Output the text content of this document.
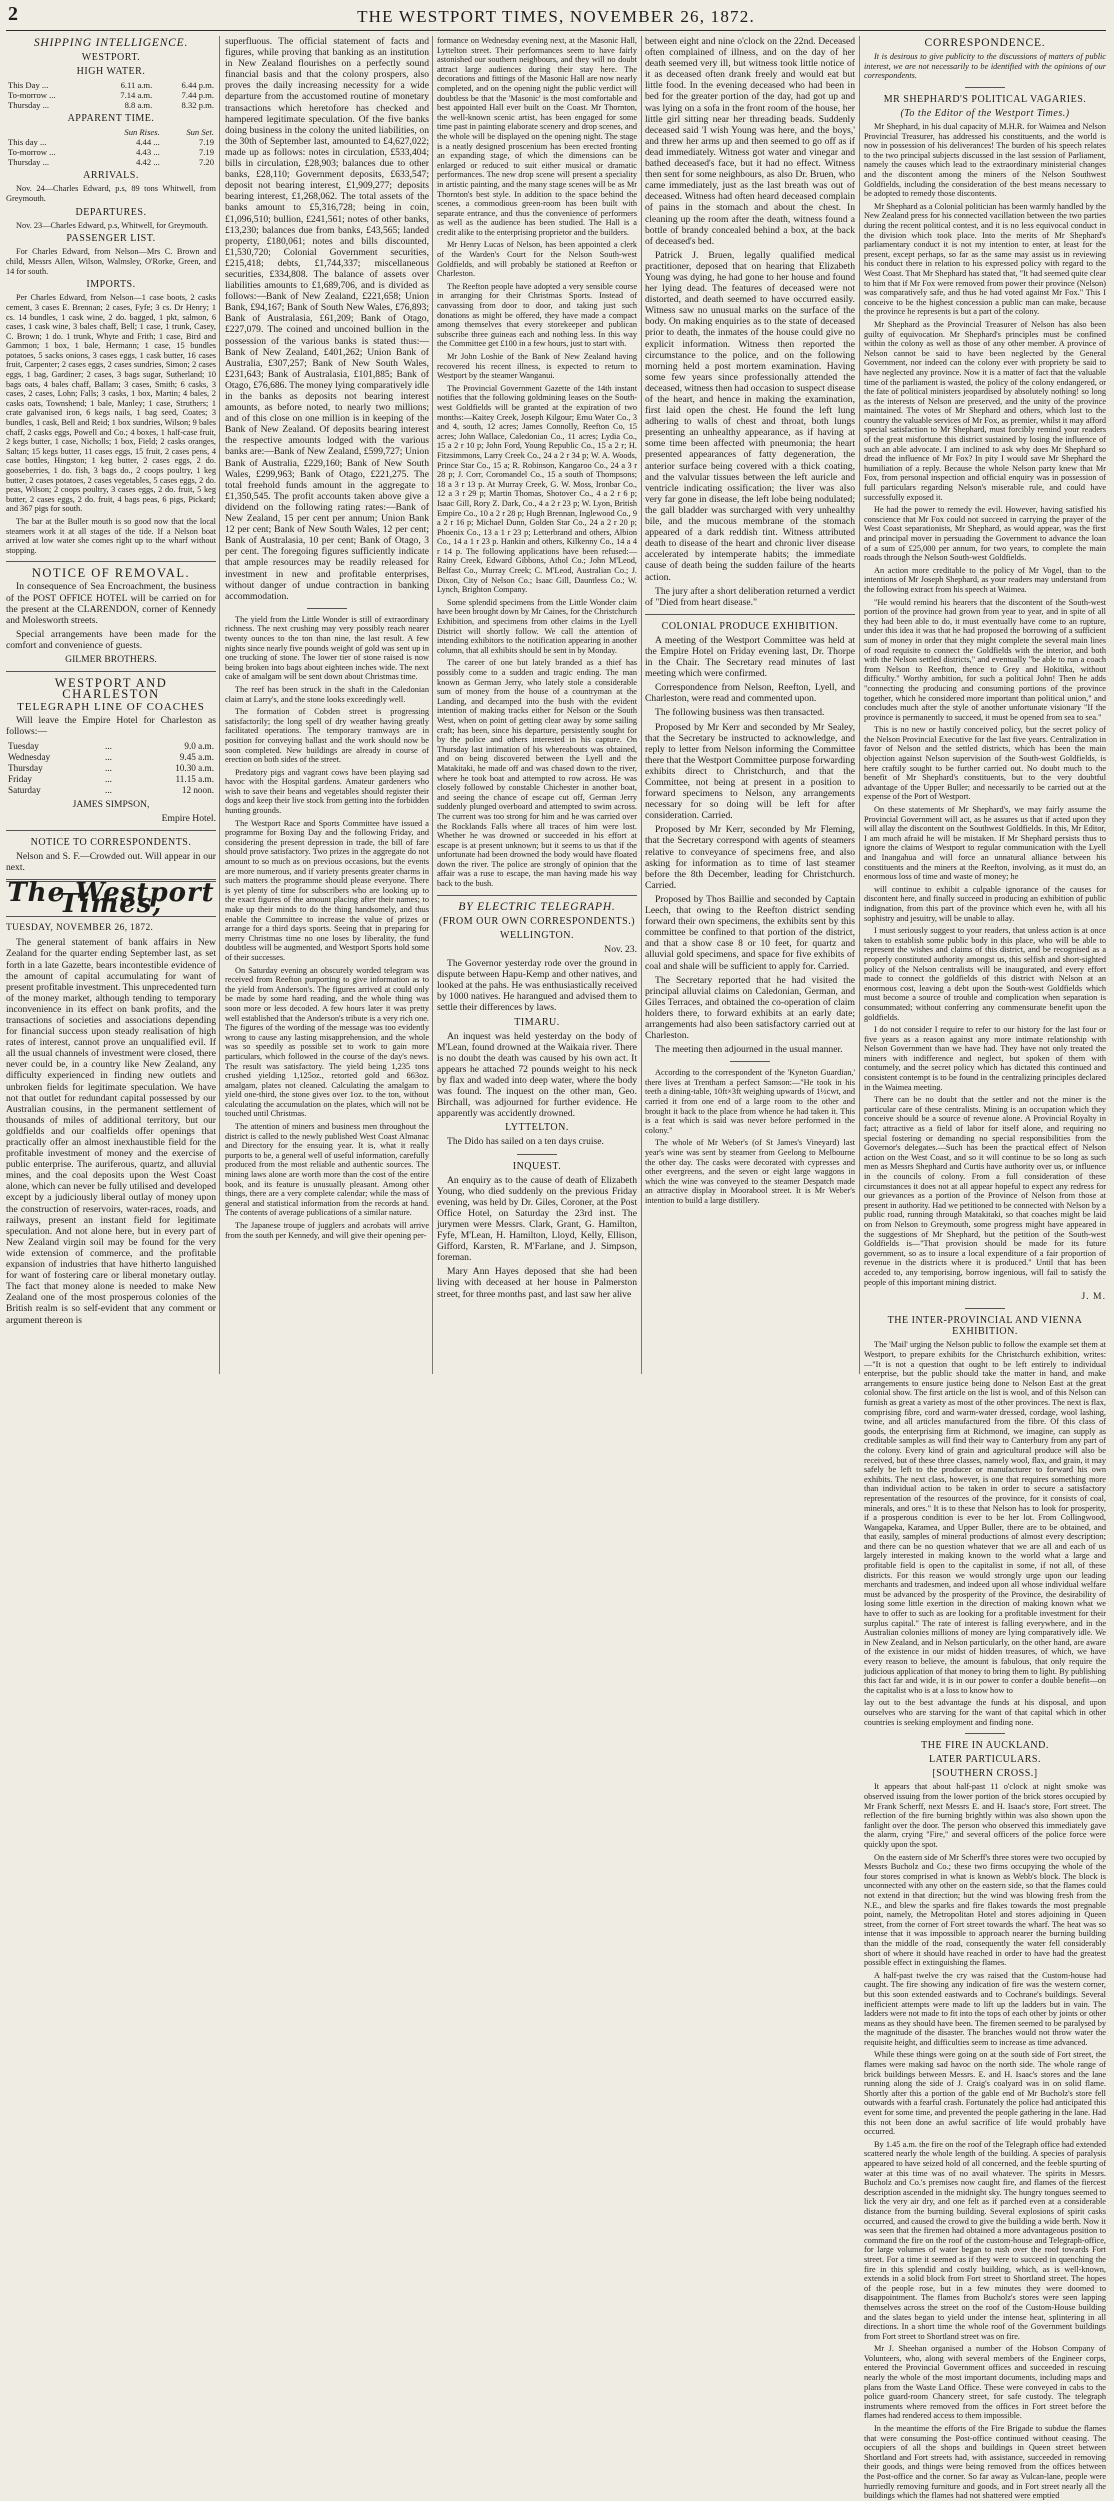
2	THE WESTPORT TIMES, NOVEMBER 26, 1872.
SHIPPING INTELLIGENCE.
WESTPORT.
HIGH WATER.
This Day ...	6.11 a.m.	6.44 p.m.
To-morrow ...	7.14 a.m.	7.44 p.m.
Thursday ...	8.8 a.m.	8.32 p.m.
APPARENT TIME.
	Sun Rises.	Sun Set.
This day ...	4.44 ...	7.19
To-morrow ...	4.43 ...	7.19
Thursday ...	4.42 ...	7.20
ARRIVALS.

Nov. 24—Charles Edward, p.s, 89 tons Whitwell, from Greymouth.

DEPARTURES.

Nov. 23—Charles Edward, p.s, Whitwell, for Greymouth.

PASSENGER LIST.

For Charles Edward, from Nelson—Mrs C. Brown and child, Messrs Allen, Wilson, Walmsley, O'Rorke, Green, and 14 for south.

IMPORTS.

Per Charles Edward, from Nelson—1 case boots, 2 casks cement, 3 cases E. Brennan; 2 cases, Fyfe; 3 cs. Dr Henry; 1 cs. 14 bundles, 1 cask wine, 2 do. bagged, 1 pkt, salmon, 6 cases, 1 cask wine, 3 bales chaff, Bell; 1 case, 1 trunk, Casey, C. Brown; 1 do. 1 trunk, Whyte and Frith; 1 case, Bird and Gammon; 1 box, 1 bale, Hermann; 1 case, 15 bundles potatoes, 5 sacks onions, 3 cases eggs, 1 cask butter, 16 cases fruit, Carpenter; 2 cases eggs, 2 cases sundries, Simon; 2 cases eggs, 1 bag, Gardiner; 2 cases, 3 bags sugar, Sutherland; 10 bags oats, 4 bales chaff, Ballam; 3 cases, Smith; 6 casks, 3 cases, 2 cases, Lohn; Falls; 3 casks, 1 box, Martin; 4 bales, 2 casks oats, Townshend; 1 bale, Manley; 1 case, Struthers; 1 crate galvanised iron, 6 kegs nails, 1 bag seed, Coates; 3 bundles, 1 cask, Bell and Reid; 1 box sundries, Wilson; 9 bales chaff, 2 casks eggs, Powell and Co.; 4 boxes, 1 half-case fruit, 2 kegs butter, 1 case, Nicholls; 1 box, Field; 2 casks oranges, Saltan; 15 kegs butter, 11 cases eggs, 15 fruit, 2 cases pens, 4 case bottles, Hingston; 1 keg butter, 2 cases eggs, 2 do. gooseberries, 1 do. fish, 3 bags do., 2 coops poultry, 1 keg butter, 2 cases potatoes, 2 cases vegetables, 5 cases eggs, 2 do. peas, Wilson; 2 coops poultry, 3 cases eggs, 2 do. fruit, 5 keg butter, 2 cases eggs, 2 do. fruit, 4 bags peas, 6 pigs, Pickard; and 367 pigs for south.

The bar at the Buller mouth is so good now that the local steamers work it at all stages of the tide. If a Nelson boat arrived at low water she comes right up to the wharf without stopping.

NOTICE OF REMOVAL.

In consequence of Sea Encroachment, the business of the POST OFFICE HOTEL will be carried on for the present at the CLARENDON, corner of Kennedy and Molesworth streets.

Special arrangements have been made for the comfort and convenience of guests.

GILMER BROTHERS.

WESTPORT AND CHARLESTON
TELEGRAPH LINE OF COACHES

Will leave the Empire Hotel for Charleston as follows:—

Tuesday	...	9.0 a.m.
Wednesday	...	9.45 a.m.
Thursday	...	10.30 a.m.
Friday	...	11.15 a.m.
Saturday	...	12 noon.

JAMES SIMPSON,

Empire Hotel.

NOTICE TO CORRESPONDENTS.

Nelson and S. F.—Crowded out. Will appear in our next.

The Westport Times,
TUESDAY, NOVEMBER 26, 1872.

The general statement of bank affairs in New Zealand for the quarter ending September last, as set forth in a late Gazette, bears incontestible evidence of the amount of capital accumulating for want of present profitable investment. This unprecedented turn of the money market, although tending to temporary inconvenience in its effect on bank profits, and the transactions of societies and associations depending for financial success upon steady realisation of high rates of interest, cannot prove an unqualified evil. If all the usual channels of investment were closed, there never could be, in a country like New Zealand, any difficulty experienced in finding new outlets and unbroken fields for legitimate speculation. We have not that outlet for redundant capital possessed by our Australian cousins, in the permanent settlement of thousands of miles of additional territory, but our goldfields and our coalfields offer openings that practically offer an almost inexhaustible field for the profitable investment of money and the exercise of public enterprise. The auriferous, quartz, and alluvial mines, and the coal deposits upon the West Coast alone, which can never be fully utilised and developed except by a judiciously liberal outlay of money upon the construction of reservoirs, water-races, roads, and railways, present an instant field for legitimate speculation. And not alone here, but in every part of New Zealand virgin soil may be found for the very wide extension of commerce, and the profitable expansion of industries that have hitherto languished for want of fostering care or liberal monetary outlay. The fact that money alone is needed to make New Zealand one of the most prosperous colonies of the British realm is so self-evident that any comment or argument thereon is

superfluous. The official statement of facts and figures, while proving that banking as an institution in New Zealand flourishes on a perfectly sound financial basis and that the colony prospers, also proves the daily increasing necessity for a wide departure from the accustomed routine of monetary transactions which heretofore has checked and hampered legitimate speculation. Of the five banks doing business in the colony the united liabilities, on the 30th of September last, amounted to £4,627,022; made up as follows: notes in circulation, £533,404; bills in circulation, £28,903; balances due to other banks, £28,110; Government deposits, £633,547; deposit not bearing interest, £1,909,277; deposits bearing interest, £1,268,062. The total assets of the banks amount to £5,316,728; being in coin, £1,096,510; bullion, £241,561; notes of other banks, £13,230; balances due from banks, £43,565; landed property, £180,061; notes and bills discounted, £1,530,720; Colonial Government securities, £215,418; debts, £1,744,337; miscellaneous securities, £334,808. The balance of assets over liabilities amounts to £1,689,706, and is divided as follows:—Bank of New Zealand, £221,658; Union Bank, £94,167; Bank of South New Wales, £76,893; Bank of Australasia, £61,209; Bank of Otago, £227,079. The coined and uncoined bullion in the possession of the various banks is stated thus:—Bank of New Zealand, £401,262; Union Bank of Australia, £307,257; Bank of New South Wales, £231,643; Bank of Australasia, £101,885; Bank of Otago, £76,686. The money lying comparatively idle in the banks as deposits not bearing interest amounts, as before noted, to nearly two millions; and of this close on one million is in keeping of the Bank of New Zealand. Of deposits bearing interest the respective amounts lodged with the various banks are:—Bank of New Zealand, £599,727; Union Bank of Australia, £229,160; Bank of New South Wales, £299,963; Bank of Otago, £221,275. The total freehold funds amount in the aggregate to £1,350,545. The profit accounts taken above give a dividend on the following rating rates:—Bank of New Zealand, 15 per cent per annum; Union Bank 12 per cent; Bank of New South Wales, 12 per cent; Bank of Australasia, 10 per cent; Bank of Otago, 3 per cent. The foregoing figures sufficiently indicate that ample resources may be readily released for investment in new and profitable enterprises, without danger of undue contraction in banking accommodation.

The yield from the Little Wonder is still of extraordinary richness. The next crushing may very possibly reach nearer twenty ounces to the ton than nine, the last result. A few nights since nearly five pounds weight of gold was sent up in one trucking of stone. The lower tier of stone raised is now being broken into bags about eighteen inches wide. The next cake of amalgam will be sent down about Christmas time.

The reef has been struck in the shaft in the Caledonian claim at Larry's, and the stone looks exceedingly well.

The formation of Cobden street is progressing satisfactorily; the long spell of dry weather having greatly facilitated operations. The temporary tramways are in position for conveying ballast and the work should now be soon completed. New buildings are already in course of erection on both sides of the street.

Predatory pigs and vagrant cows have been playing sad havoc with the Hospital gardens. Amateur gardeners who wish to save their beans and vegetables should register their dogs and keep their live stock from getting into the forbidden hunting grounds.

The Westport Race and Sports Committee have issued a programme for Boxing Day and the following Friday, and considering the present depression in trade, the bill of fare should prove satisfactory. Two prizes in the aggregate do not amount to so much as on previous occasions, but the events are more numerous, and if variety presents greater charms in such matters the programme should please everyone. There is yet plenty of time for subscribers who are looking up to the exact figures of the amount placing after their names; to make up their minds to do the thing handsomely, and thus enable the Committee to increase the value of prizes or arrange for a third days sports. Seeing that in preparing for merry Christmas time no one loses by liberality, the fund doubtless will be augmented, and Westport Sports hold some of their successes.

On Saturday evening an obscurely worded telegram was received from Reefton purporting to give information as to the yield from Anderson's. The figures arrived at could only be made by some hard reading, and the whole thing was soon more or less decoded. A few hours later it was pretty well established that the Anderson's tribute is a very rich one. The figures of the wording of the message was too evidently wrong to cause any lasting misapprehension, and the whole was so speedily as possible set to work to gain more particulars, which followed in the course of the day's news. The result was satisfactory. The yield being 1,235 tons crushed yielding 1,125oz., retorted gold and 663oz. amalgam, plates not cleaned. Calculating the amalgam to yield one-third, the stone gives over 1oz. to the ton, without calculating the accumulation on the plates, which will not be touched until Christmas.

The attention of miners and business men throughout the district is called to the newly published West Coast Almanac and Directory for the ensuing year. It is, what it really purports to be, a general well of useful information, carefully produced from the most reliable and authentic sources. The mining laws alone are worth more than the cost of the entire book, and its feature is unusually pleasant. Among other things, there are a very complete calendar; while the mass of general and statistical information from the records at hand. The contents of average publications of a similar nature.

The Japanese troupe of jugglers and acrobats will arrive from the south per Kennedy, and will give their opening per-

formance on Wednesday evening next, at the Masonic Hall, Lyttelton street. Their performances seem to have fairly astonished our southern neighbours, and they will no doubt attract large audiences during their stay here. The decorations and fittings of the Masonic Hall are now nearly completed, and on the opening night the public verdict will doubtless be that the 'Masonic' is the most comfortable and best appointed Hall ever built on the Coast. Mr Thornton, the well-known scenic artist, has been engaged for some time past in painting elaborate scenery and drop scenes, and the whole will be displayed on the opening night. The stage is a neatly designed proscenium has been erected fronting an expanding stage, of which the dimensions can be enlarged or reduced to suit either musical or dramatic performances. The new drop scene will present a speciality in artistic painting, and the many stage scenes will be as Mr Thornton's best style. In addition to the space behind the scenes, a commodious green-room has been built with separate entrance, and thus the convenience of performers as well as the audience has been studied. The Hall is a credit alike to the enterprising proprietor and the builders.

Mr Henry Lucas of Nelson, has been appointed a clerk of the Warden's Court for the Nelson South-west Goldfields, and will probably be stationed at Reefton or Charleston.

The Reefton people have adopted a very sensible course in arranging for their Christmas Sports. Instead of canvassing from door to door, and taking just such donations as might be offered, they have made a compact among themselves that every storekeeper and publican subscribe three guineas each and nothing less. In this way the Committee get £100 in a few hours, just to start with.

Mr John Loshie of the Bank of New Zealand having recovered his recent illness, is expected to return to Westport by the steamer Wanganui.

The Provincial Government Gazette of the 14th instant notifies that the following goldmining leases on the South-west Goldfields will be granted at the expiration of two months:—Kaitey Creek, Joseph Kilgour; Emu Water Co., 3 and 4, south, 12 acres; James Connolly, Reefton Co, 15 acres; John Wallace, Caledonian Co., 11 acres; Lydia Co., 15 a 2 r 10 p; John Ford, Young Republic Co., 15 a 2 r; H. Fitzsimmons, Larry Creek Co., 24 a 2 r 34 p; W. A. Woods, Prince Star Co., 15 a; R. Robinson, Kangaroo Co., 24 a 3 r 28 p; J. Corr, Coromandel Co., 15 a south of Thompsons; 18 a 3 r 13 p. At Murray Creek, G. W. Moss, Ironbar Co., 12 a 3 r 29 p; Martin Thomas, Shotover Co., 4 a 2 r 6 p; Isaac Gill, Rory Z. Dark, Co., 4 a 2 r 23 p; W. Lyon, British Empire Co., 10 a 2 r 28 p; Hugh Brennan, Inglewood Co., 9 a 2 r 16 p; Michael Dunn, Golden Star Co., 24 a 2 r 20 p; Phoenix Co., 13 a 1 r 23 p; Letterbrand and others, Albion Co., 14 a 1 r 23 p. Hankin and others, Kilkenny Co., 14 a 4 r 14 p. The following applications have been refused:—Rainy Creek, Edward Gibbons, Athol Co.; John M'Leod, Belfast Co., Murray Creek; C. M'Leod, Australian Co.; J. Dixon, City of Nelson Co.; Isaac Gill, Dauntless Co.; W. Lynch, Brighton Company.

Some splendid specimens from the Little Wonder claim have been brought down by Mr Caines, for the Christchurch Exhibition, and specimens from other claims in the Lyell District will shortly follow. We call the attention of intending exhibitors to the notification appearing in another column, that all exhibits should be sent in by Monday.

The career of one but lately branded as a thief has possibly come to a sudden and tragic ending. The man known as German Jerry, who lately stole a considerable sum of money from the house of a countryman at the Landing, and decamped into the bush with the evident intention of making tracks either for Nelson or the South West, when on point of getting clear away by some sailing craft; has been, since his departure, persistently sought for by the police and others interested in his capture. On Thursday last intimation of his whereabouts was obtained, and on being discovered between the Lyell and the Matakitaki, he made off and was chased down to the river, where he took boat and attempted to row across. He was closely followed by constable Chichester in another boat, and seeing the chance of escape cut off, German Jerry suddenly plunged overboard and attempted to swim across. The current was too strong for him and he was carried over the Rocklands Falls where all traces of him were lost. Whether he was drowned or succeeded in his effort at escape is at present unknown; but it seems to us that if the unfortunate had been drowned the body would have floated down the river. The police are strongly of opinion that the affair was a ruse to escape, the man having made his way back to the bush.

BY ELECTRIC TELEGRAPH.
(FROM OUR OWN CORRESPONDENTS.)
WELLINGTON.

Nov. 23.

The Governor yesterday rode over the ground in dispute between Hapu-Kemp and other natives, and looked at the pahs. He was enthusiastically received by 1000 natives. He harangued and advised them to settle their differences by laws.

TIMARU.

An inquest was held yesterday on the body of M'Lean, found drowned at the Waikaia river. There is no doubt the death was caused by his own act. It appears he attached 72 pounds weight to his neck by flax and waded into deep water, where the body was found. The inquest on the other man, Geo. Birchall, was adjourned for further evidence. He apparently was accidently drowned.

LYTTELTON.

The Dido has sailed on a ten days cruise.

INQUEST.

An enquiry as to the cause of death of Elizabeth Young, who died suddenly on the previous Friday evening, was held by Dr. Giles, Coroner, at the Post Office Hotel, on Saturday the 23rd inst. The jurymen were Messrs. Clark, Grant, G. Hamilton, Fyfe, M'Lean, H. Hamilton, Lloyd, Kelly, Ellison, Gifford, Karsten, R. M'Farlane, and J. Simpson, foreman.

Mary Ann Hayes deposed that she had been living with deceased at her house in Palmerston street, for three months past, and last saw her alive

between eight and nine o'clock on the 22nd. Deceased often complained of illness, and on the day of her death seemed very ill, but witness took little notice of it as deceased often drank freely and would eat but little food. In the evening deceased who had been in bed for the greater portion of the day, had got up and was lying on a sofa in the front room of the house, her little girl sitting near her threading beads. Suddenly deceased said 'I wish Young was here, and the boys,' and threw her arms up and then seemed to go off as if dead immediately. Witness got water and vinegar and bathed deceased's face, but it had no effect. Witness then sent for some neighbours, as also Dr. Bruen, who came immediately, just as the last breath was out of deceased. Witness had often heard deceased complain of pains in the stomach and about the chest. In cleaning up the room after the death, witness found a bottle of brandy concealed behind a box, at the back of deceased's bed.

Patrick J. Bruen, legally qualified medical practitioner, deposed that on hearing that Elizabeth Young was dying, he had gone to her house and found her lying dead. The features of deceased were not distorted, and death seemed to have occurred easily. Witness saw no unusual marks on the surface of the body. On making enquiries as to the state of deceased prior to death, the inmates of the house could give no explicit information. Witness then reported the circumstance to the police, and on the following morning held a post mortem examination. Having some few years since professionally attended the deceased, witness then had occasion to suspect disease of the heart, and hence in making the examination, first laid open the chest. He found the left lung adhering to walls of chest and throat, both lungs presenting an unhealthy appearance, as if having at some time been affected with pneumonia; the heart presented appearances of fatty degeneration, the anterior surface being covered with a thick coating, and the valvular tissues between the left auricle and ventricle indicating ossification; the liver was also very far gone in disease, the left lobe being nodulated; the gall bladder was surcharged with very unhealthy bile, and the mucous membrane of the stomach appeared of a dark reddish tint. Witness attributed death to disease of the heart and chronic liver disease accelerated by intemperate habits; the immediate cause of death being the sudden failure of the hearts action.

The jury after a short deliberation returned a verdict of "Died from heart disease."

COLONIAL PRODUCE EXHIBITION.

A meeting of the Westport Committee was held at the Empire Hotel on Friday evening last, Dr. Thorpe in the Chair. The Secretary read minutes of last meeting which were confirmed.

Correspondence from Nelson, Reefton, Lyell, and Charleston, were read and commented upon.

The following business was then transacted.

Proposed by Mr Kerr and seconded by Mr Sealey, that the Secretary be instructed to acknowledge, and reply to letter from Nelson informing the Committee there that the Westport Committee purpose forwarding exhibits direct to Christchurch, and that the Committee, not being at present in a position to forward specimens to Nelson, any arrangements necessary for so doing will be left for after consideration. Carried.

Proposed by Mr Kerr, seconded by Mr Fleming, that the Secretary correspond with agents of steamers relative to conveyance of specimens free, and also asking for information as to time of last steamer before the 8th December, leading for Christchurch. Carried.

Proposed by Thos Baillie and seconded by Captain Leech, that owing to the Reefton district sending forward their own specimens, the exhibits sent by this committee be confined to that portion of the district, and that a show case 8 or 10 feet, for quartz and alluvial gold specimens, and space for five exhibits of coal and shale will be sufficient to apply for. Carried.

The Secretary reported that he had visited the principal alluvial claims on Caledonian, German, and Giles Terraces, and obtained the co-operation of claim holders there, to forward exhibits at an early date; arrangements had also been satisfactory carried out at Charleston.

The meeting then adjourned in the usual manner.

According to the correspondent of the 'Kyneton Guardian,' there lives at Trentham a perfect Samson:—"He took in his teeth a dining-table, 10ft×3ft weighing upwards of 1½cwt, and carried it from one end of a large room to the other and brought it back to the place from whence he had taken it. This is a feat which is said was never before performed in the colony."

The whole of Mr Weber's (of St James's Vineyard) last year's wine was sent by steamer from Geelong to Melbourne the other day. The casks were decorated with cypresses and other evergreens, and the seven or eight large waggons in which the wine was conveyed to the steamer Despatch made an attractive display in Moorabool street. It is Mr Weber's intention to build a large distillery.

CORRESPONDENCE.

It is desirous to give publicity to the discussions of matters of public interest, we are not necessarily to be identified with the opinions of our correspondents.

MR SHEPHARD'S POLITICAL VAGARIES.
(To the Editor of the Westport Times.)

Mr Shephard, in his dual capacity of M.H.R. for Waimea and Nelson Provincial Treasurer, has addressed his constituents, and the world is now in possession of his deliverances! The burden of his speech relates to the two principal subjects discussed in the last session of Parliament, namely the causes which lead to the extraordinary ministerial changes and the discontent among the miners of the Nelson Southwest Goldfields, including the consideration of the best means necessary to be adopted to remedy those discontents.

Mr Shephard as a Colonial politician has been warmly handled by the New Zealand press for his connected vacillation between the two parties during the recent political contest, and it is no less equivocal conduct in the division which took place. Into the merits of Mr Shephard's parliamentary conduct it is not my intention to enter, at least for the present, except perhaps, so far as the same may assist us in reviewing his conduct there in relation to his expressed policy with regard to the West Coast. That Mr Shephard has stated that, "It had seemed quite clear to him that if Mr Fox were removed from power their province (Nelson) was comparatively safe, and thus he had voted against Mr Fox." This I conceive to be the highest concession a public man can make, because the province he represents is but a part of the colony.

Mr Shephard as the Provincial Treasurer of Nelson has also been guilty of equivocation. Mr Shephard's principles must be confined within the colony as well as those of any other member. A province of Nelson cannot be said to have been neglected by the General Government, nor indeed can the colony ever with propriety be said to have neglected any province. Now it is a matter of fact that the valuable time of the parliament is wasted, the policy of the colony endangered, or the fate of political ministers jeopardised by absolutely nothing! so long as the interests of Nelson are preserved, and the unity of the province maintained. The votes of Mr Shephard and others, which lost to the country the valuable services of Mr Fox, as premier, whilst it may afford special satisfaction to Mr Shephard, must forcibly remind your readers of the great misfortune this district sustained by losing the influence of such an able advocate. I am inclined to ask why does Mr Shephard so dread the influence of Mr Fox? In pity I would save Mr Shephard the humiliation of a reply. Because the whole Nelson party knew that Mr Fox, from personal inspection and official enquiry was in possession of full particulars regarding Nelson's miserable rule, and could have successfully exposed it.

He had the power to remedy the evil. However, having satisfied his conscience that Mr Fox could not succeed in carrying the prayer of the West Coast separationists, Mr Shephard, as would appear, was the first and principal mover in persuading the Government to advance the loan of a sum of £25,000 per annum, for two years, to complete the main roads through the Nelson South-west Goldfields.

An action more creditable to the policy of Mr Vogel, than to the intentions of Mr Joseph Shephard, as your readers may understand from the following extract from his speech at Waimea.

"He would remind his hearers that the discontent of the South-west portion of the province had grown from year to year, and in spite of all they had been able to do, it must eventually have come to an rupture, under this idea it was that he had proposed the borrowing of a sufficient sum of money in order that they might complete the several main lines of road requisite to connect the Goldfields with the interior, and both with the Nelson settled districts," and eventually "be able to run a coach from Nelson to Reefton, thence to Grey and Hokitika, without difficulty." Worthy ambition, for such a political John! Then he adds "connecting the producing and consuming portions of the province together, which he considered more important than political union," and concludes much after the style of another unfortunate visionary "If the province is permanently to succeed, it must be opened from sea to sea."

This is no new or hastily conceived policy, but the secret policy of the Nelson Provincial Executive for the last five years. Centralization in favor of Nelson and the settled districts, which has been the main objection against Nelson supervision of the South-west Goldfields, is here craftily sought to be further carried out. No doubt much to the benefit of Mr Shephard's constituents, but to the very doubtful advantage of the Upper Buller; and necessarily to be carried out at the expense of the Port of Westport.

On these statements of Mr Shephard's, we may fairly assume the Provincial Government will act, as he assures us that if acted upon they will allay the discontent on the Southwest Goldfields. In this, Mr Editor, I am much afraid he will be mistaken. If Mr Shephard persists thus to ignore the claims of Westport to regular communication with the Lyell and Inangahua and will force an unnatural alliance between his constituents and the miners at the Reefton, involving, as it must do, an enormous loss of time and waste of money; he

will continue to exhibit a culpable ignorance of the causes for discontent here, and finally succeed in producing an exhibition of public indignation, from this part of the province which even he, with all his sophistry and jesuitry, will be unable to allay.

I must seriously suggest to your readers, that unless action is at once taken to establish some public body in this place, who will be able to represent the wishes and claims of this district, and be recognised as a properly constituted authority amongst us, this selfish and short-sighted policy of the Nelson centralists will be inaugurated, and every effort made to connect the goldfields of this district with Nelson at an enormous cost, leaving a debt upon the South-west Goldfields which must become a source of trouble and complication when separation is consummated; without conferring any commensurate benefit upon the goldfields.

I do not consider I require to refer to our history for the last four or five years as a reason against any more intimate relationship with Nelson Government than we have had. They have not only treated the miners with indifference and neglect, but spoken of them with contumely, and the secret policy which has dictated this continued and consistent contempt is to be found in the centralizing principles declared in the Waimea meeting.

There can be no doubt that the settler and not the miner is the particular care of these centralists. Mining is an occupation which they conceive should be a source of revenue alone. A Provincial Royalty in fact; attractive as a field of labor for itself alone, and requiring no special fostering or demanding no special responsibilities from the Governor's delegates.—Such has been the practical effect of Nelson action on the West Coast, and so it will continue to be so long as such men as Messrs Shephard and Curtis have authority over us, or influence in the councils of colony. From a full consideration of these circumstances it does not at all appear hopeful to expect any redress for our grievances as a portion of the Province of Nelson from those at present in authority. Had we petitioned to be connected with Nelson by a public road, running through Matakitaki, so that coaches might be laid on from Nelson to Greymouth, some progress might have appeared in the suggestions of Mr Shephard, but the petition of the South-west Goldfields is—"That provision should be made for its future government, so as to insure a local expenditure of a fair proportion of revenue in the districts where it is produced." Until that has been acceded to, any temporising, borrow ingenious, will fail to satisfy the people of this important mining district.

J. M.

THE INTER-PROVINCIAL AND VIENNA EXHIBITION.

The 'Mail' urging the Nelson public to follow the example set them at Westport, to prepare exhibits for the Christchurch exhibition, writes:—"It is not a question that ought to be left entirely to individual enterprise, but the public should take the matter in hand, and make arrangements to ensure justice being done to Nelson East at the great colonial show. The first article on the list is wool, and of this Nelson can furnish as great a variety as most of the other provinces. The next is flax, comprising fibre, cord and warm-water dressed, cordage, wool lashing, twine, and all articles manufactured from the fibre. Of this class of goods, the enterprising firm at Richmond, we imagine, can supply as creditable samples as will find their way to Canterbury from any part of the colony. Every kind of grain and agricultural produce will also be received, but of these three classes, namely wool, flax, and grain, it may safely be left to the producer or manufacturer to forward his own exhibits. The next class, however, is one that requires something more than individual action to be taken in order to secure a satisfactory representation of the resources of the province, for it consists of coal, minerals, and ores." It is to these that Nelson has to look for prosperity, if a prosperous condition is ever to be her lot. From Collingwood, Wangapeka, Karamea, and Upper Buller, there are to be obtained, and that easily, samples of mineral productions of almost every description; and there can be no question whatever that we are all and each of us largely interested in making known to the world what a large and profitable field is open to the capitalist in some, if not all, of these districts. For this reason we would strongly urge upon our leading merchants and tradesmen, and indeed upon all whose individual welfare must be advanced by the prosperity of the Province, the desirability of losing some little exertion in the direction of making known what we have to offer to such as are looking for a profitable investment for their surplus capital." The rate of interest is falling everywhere, and in the Australian colonies millions of money are lying comparatively idle. We in New Zealand, and in Nelson particularly, on the other hand, are aware of the existence in our midst of hidden treasures, of which, we have every reason to believe, the amount is fabulous, that only require the judicious application of that money to bring them to light. By publishing this fact far and wide, it is in our power to confer a double benefit—on the capitalist who is at a loss to know how to

lay out to the best advantage the funds at his disposal, and upon ourselves who are starving for the want of that capital which in other countries is seeking employment and finding none.

THE FIRE IN AUCKLAND.
LATER PARTICULARS.
[SOUTHERN CROSS.]

It appears that about half-past 11 o'clock at night smoke was observed issuing from the lower portion of the brick stores occupied by Mr Frank Scherff, next Messrs E. and H. Isaac's store, Fort street. The reflection of the fire burning brightly within was also shown upon the fanlight over the door. The person who observed this immediately gave the alarm, crying "Fire," and several officers of the police force were quickly upon the spot.

On the eastern side of Mr Scherff's three stores were two occupied by Messrs Bucholz and Co.; these two firms occupying the whole of the four stores comprised in what is known as Webb's block. The block is unconnected with any other on the eastern side, so that the flames could not extend in that direction; but the wind was blowing fresh from the N.E., and blew the sparks and fire flakes towards the most pregnable point, namely, the Metropolitan Hotel and stores adjoining in Queen street, from the corner of Fort street towards the wharf. The heat was so intense that it was impossible to approach nearer the burning building than the middle of the road, consequently the water fell considerably short of where it should have reached in order to have had the greatest possible effect in extinguishing the flames.

A half-past twelve the cry was raised that the Custom-house had caught. The fire showing any indication of fire was the western corner, but this soon extended eastwards and to Cochrane's buildings. Several inefficient attempts were made to lift up the ladders but in vain. The ladders were not made to fit into the tops of each other by joints or other means as they should have been. The firemen seemed to be paralysed by the magnitude of the disaster. The branches would not throw water the requisite height, and difficulties seem to increase as time advanced.

While these things were going on at the south side of Fort street, the flames were making sad havoc on the north side. The whole range of brick buildings between Messrs. E. and H. Isaac's stores and the lane running along the side of J. Craig's coalyard was in on solid flame. Shortly after this a portion of the gable end of Mr Bucholz's store fell outwards with a fearful crash. Fortunately the police had anticipated this event for some time, and prevented the people gathering in the lane. Had this not been done an awful sacrifice of life would probably have occurred.

By 1.45 a.m. the fire on the roof of the Telegraph office had extended scattered nearly the whole length of the building. A species of paralysis appeared to have seized hold of all concerned, and the feeble spurting of water at this time was of no avail whatever. The spirits in Messrs. Bucholz and Co.'s premises now caught fire, and flames of the fiercest description ascended in the midnight sky. The hungry tongues seemed to lick the very air dry, and one felt as if parched even at a considerable distance from the burning building. Several explosions of spirit casks occurred, and caused the crowd to give the building a wide berth. Now it was seen that the firemen had obtained a more advantageous position to command the fire on the roof of the custom-house and Telegraph-office, for large volumes of water began to rush over the roof towards Fort street. For a time it seemed as if they were to succeed in quenching the fire in this splendid and costly building, which, as is well-known, extends in a solid block from Fort street to Shortland street. The hopes of the people rose, but in a few minutes they were doomed to disappointment. The flames from Bucholz's stores were seen lapping themselves across the street on the roof of the Custom-House building and the slates began to yield under the intense heat, splintering in all directions. In a short time the whole roof of the Government buildings from Fort street to Shortland street was on fire.

Mr J. Sheehan organised a number of the Hobson Company of Volunteers, who, along with several members of the Engineer corps, entered the Provincial Government offices and succeeded in rescuing nearly the whole of the most important documents, including maps and plans from the Waste Land Office. These were conveyed in cabs to the police guard-room Chancery street, for safe custody. The telegraph instruments where removed from the offices in Fort street before the flames had rendered access to them impossible.

In the meantime the efforts of the Fire Brigade to subdue the flames that were consuming the Post-office continued without ceasing. The occupiers of all the shops and buildings in Queen street between Shortland and Fort streets had, with assistance, succeeded in removing their goods, and things were being removed from the offices between the Post-office and the corner. So far away as Vulcan-lane, people were hurriedly removing furniture and goods, and in Fort street nearly all the buildings which the flames had not shattered were emptied
